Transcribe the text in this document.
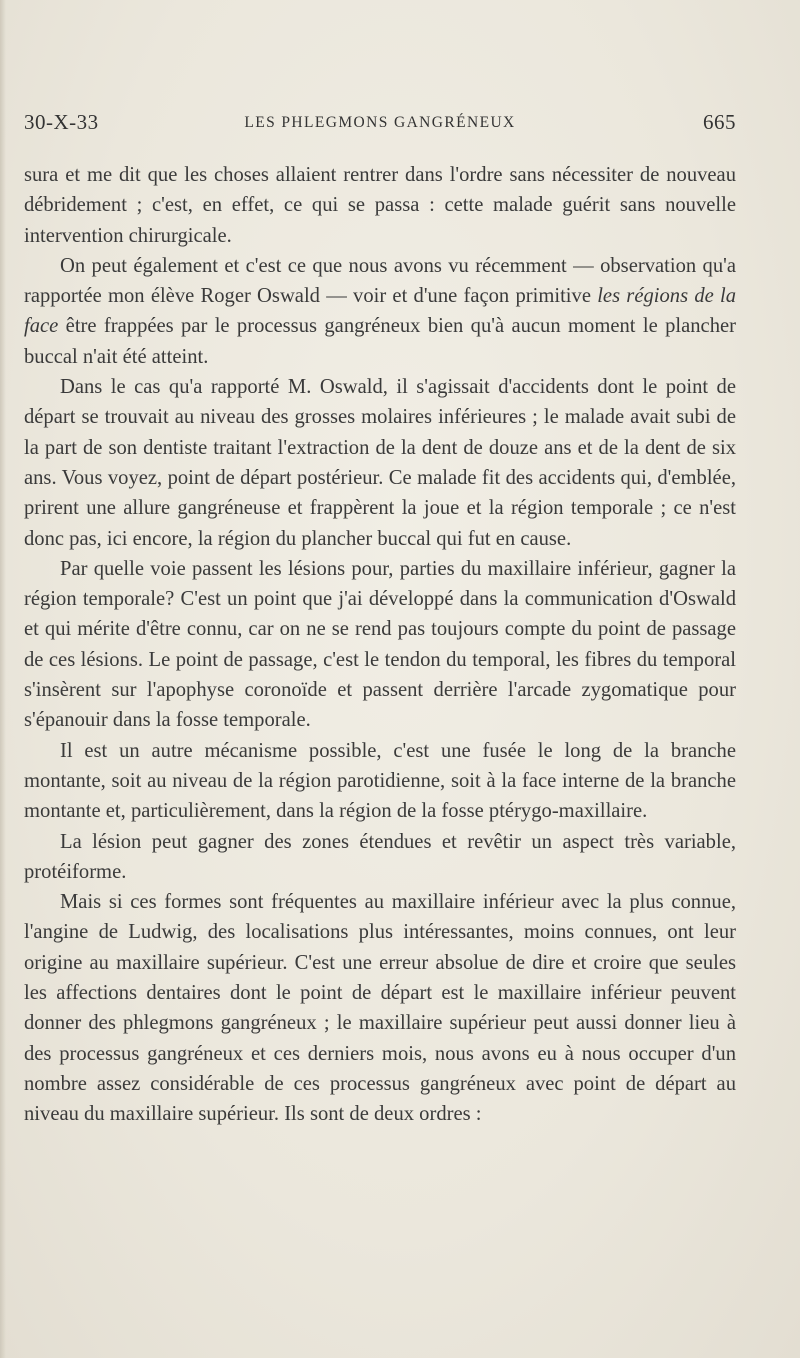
30-X-33	LES PHLEGMONS GANGRÉNEUX	665

sura et me dit que les choses allaient rentrer dans l'ordre sans nécessiter de nouveau débridement ; c'est, en effet, ce qui se passa : cette malade guérit sans nouvelle intervention chirurgicale.

On peut également et c'est ce que nous avons vu récemment — observation qu'a rapportée mon élève Roger Oswald — voir et d'une façon primitive les régions de la face être frappées par le processus gangréneux bien qu'à aucun moment le plancher buccal n'ait été atteint.

Dans le cas qu'a rapporté M. Oswald, il s'agissait d'accidents dont le point de départ se trouvait au niveau des grosses molaires inférieures ; le malade avait subi de la part de son dentiste traitant l'extraction de la dent de douze ans et de la dent de six ans. Vous voyez, point de départ postérieur. Ce malade fit des accidents qui, d'emblée, prirent une allure gangréneuse et frappèrent la joue et la région temporale ; ce n'est donc pas, ici encore, la région du plancher buccal qui fut en cause.

Par quelle voie passent les lésions pour, parties du maxillaire inférieur, gagner la région temporale? C'est un point que j'ai développé dans la communication d'Oswald et qui mérite d'être connu, car on ne se rend pas toujours compte du point de passage de ces lésions. Le point de passage, c'est le tendon du temporal, les fibres du temporal s'insèrent sur l'apophyse coronoïde et passent derrière l'arcade zygomatique pour s'épanouir dans la fosse temporale.

Il est un autre mécanisme possible, c'est une fusée le long de la branche montante, soit au niveau de la région parotidienne, soit à la face interne de la branche montante et, particulièrement, dans la région de la fosse ptérygo-maxillaire.

La lésion peut gagner des zones étendues et revêtir un aspect très variable, protéiforme.

Mais si ces formes sont fréquentes au maxillaire inférieur avec la plus connue, l'angine de Ludwig, des localisations plus intéressantes, moins connues, ont leur origine au maxillaire supérieur. C'est une erreur absolue de dire et croire que seules les affections dentaires dont le point de départ est le maxillaire inférieur peuvent donner des phlegmons gangréneux ; le maxillaire supérieur peut aussi donner lieu à des processus gangréneux et ces derniers mois, nous avons eu à nous occuper d'un nombre assez considérable de ces processus gangréneux avec point de départ au niveau du maxillaire supérieur. Ils sont de deux ordres :
